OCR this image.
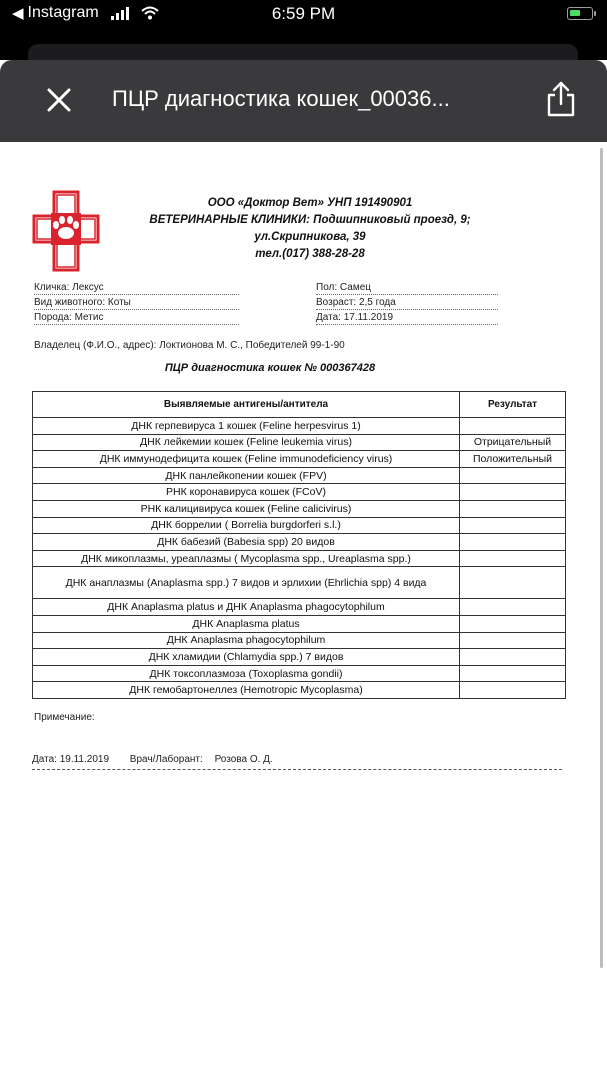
◀ Instagram	6:59 PM
ПЦР диагностика кошек_00036...
ООО «Доктор Вет» УНП 191490901
ВЕТЕРИНАРНЫЕ КЛИНИКИ: Подшипниковый проезд, 9;
ул.Скрипникова, 39
тел.(017) 388-28-28
Кличка: Лексус
Вид животного: Коты
Порода: Метис
Пол: Самец
Возраст: 2,5 года
Дата: 17.11.2019
Владелец (Ф.И.О., адрес): Локтионова М. С., Победителей 99-1-90
ПЦР диагностика кошек № 000367428
Выявляемые антигены/антитела	Результат
ДНК герпевируса 1 кошек (Feline herpesvirus 1)	
ДНК лейкемии кошек (Feline leukemia virus)	Отрицательный
ДНК иммунодефицита кошек (Feline immunodeficiency virus)	Положительный
ДНК панлейкопении кошек (FPV)	
РНК коронавируса кошек (FCoV)	
РНК калицивируса кошек (Feline calicivirus)	
ДНК боррелии ( Borrelia burgdorferi s.l.)	
ДНК бабезий (Babesia spp) 20 видов	
ДНК микоплазмы, уреаплазмы ( Mycoplasma spp., Ureaplasma spp.)	
ДНК анаплазмы (Anaplasma spp.) 7 видов и эрлихии (Ehrlichia spp) 4 вида	
ДНК Anaplasma platus и ДНК Anaplasma phagocytophilum	
ДНК Anaplasma platus	
ДНК Anaplasma phagocytophilum	
ДНК хламидии (Chlamydia spp.) 7 видов	
ДНК токсоплазмоза (Toxoplasma gondii)	
ДНК гемобартонеллез (Hemotropic Mycoplasma)	
Примечание:
Дата: 19.11.2019 Врач/Лаборант: Розова О. Д.
